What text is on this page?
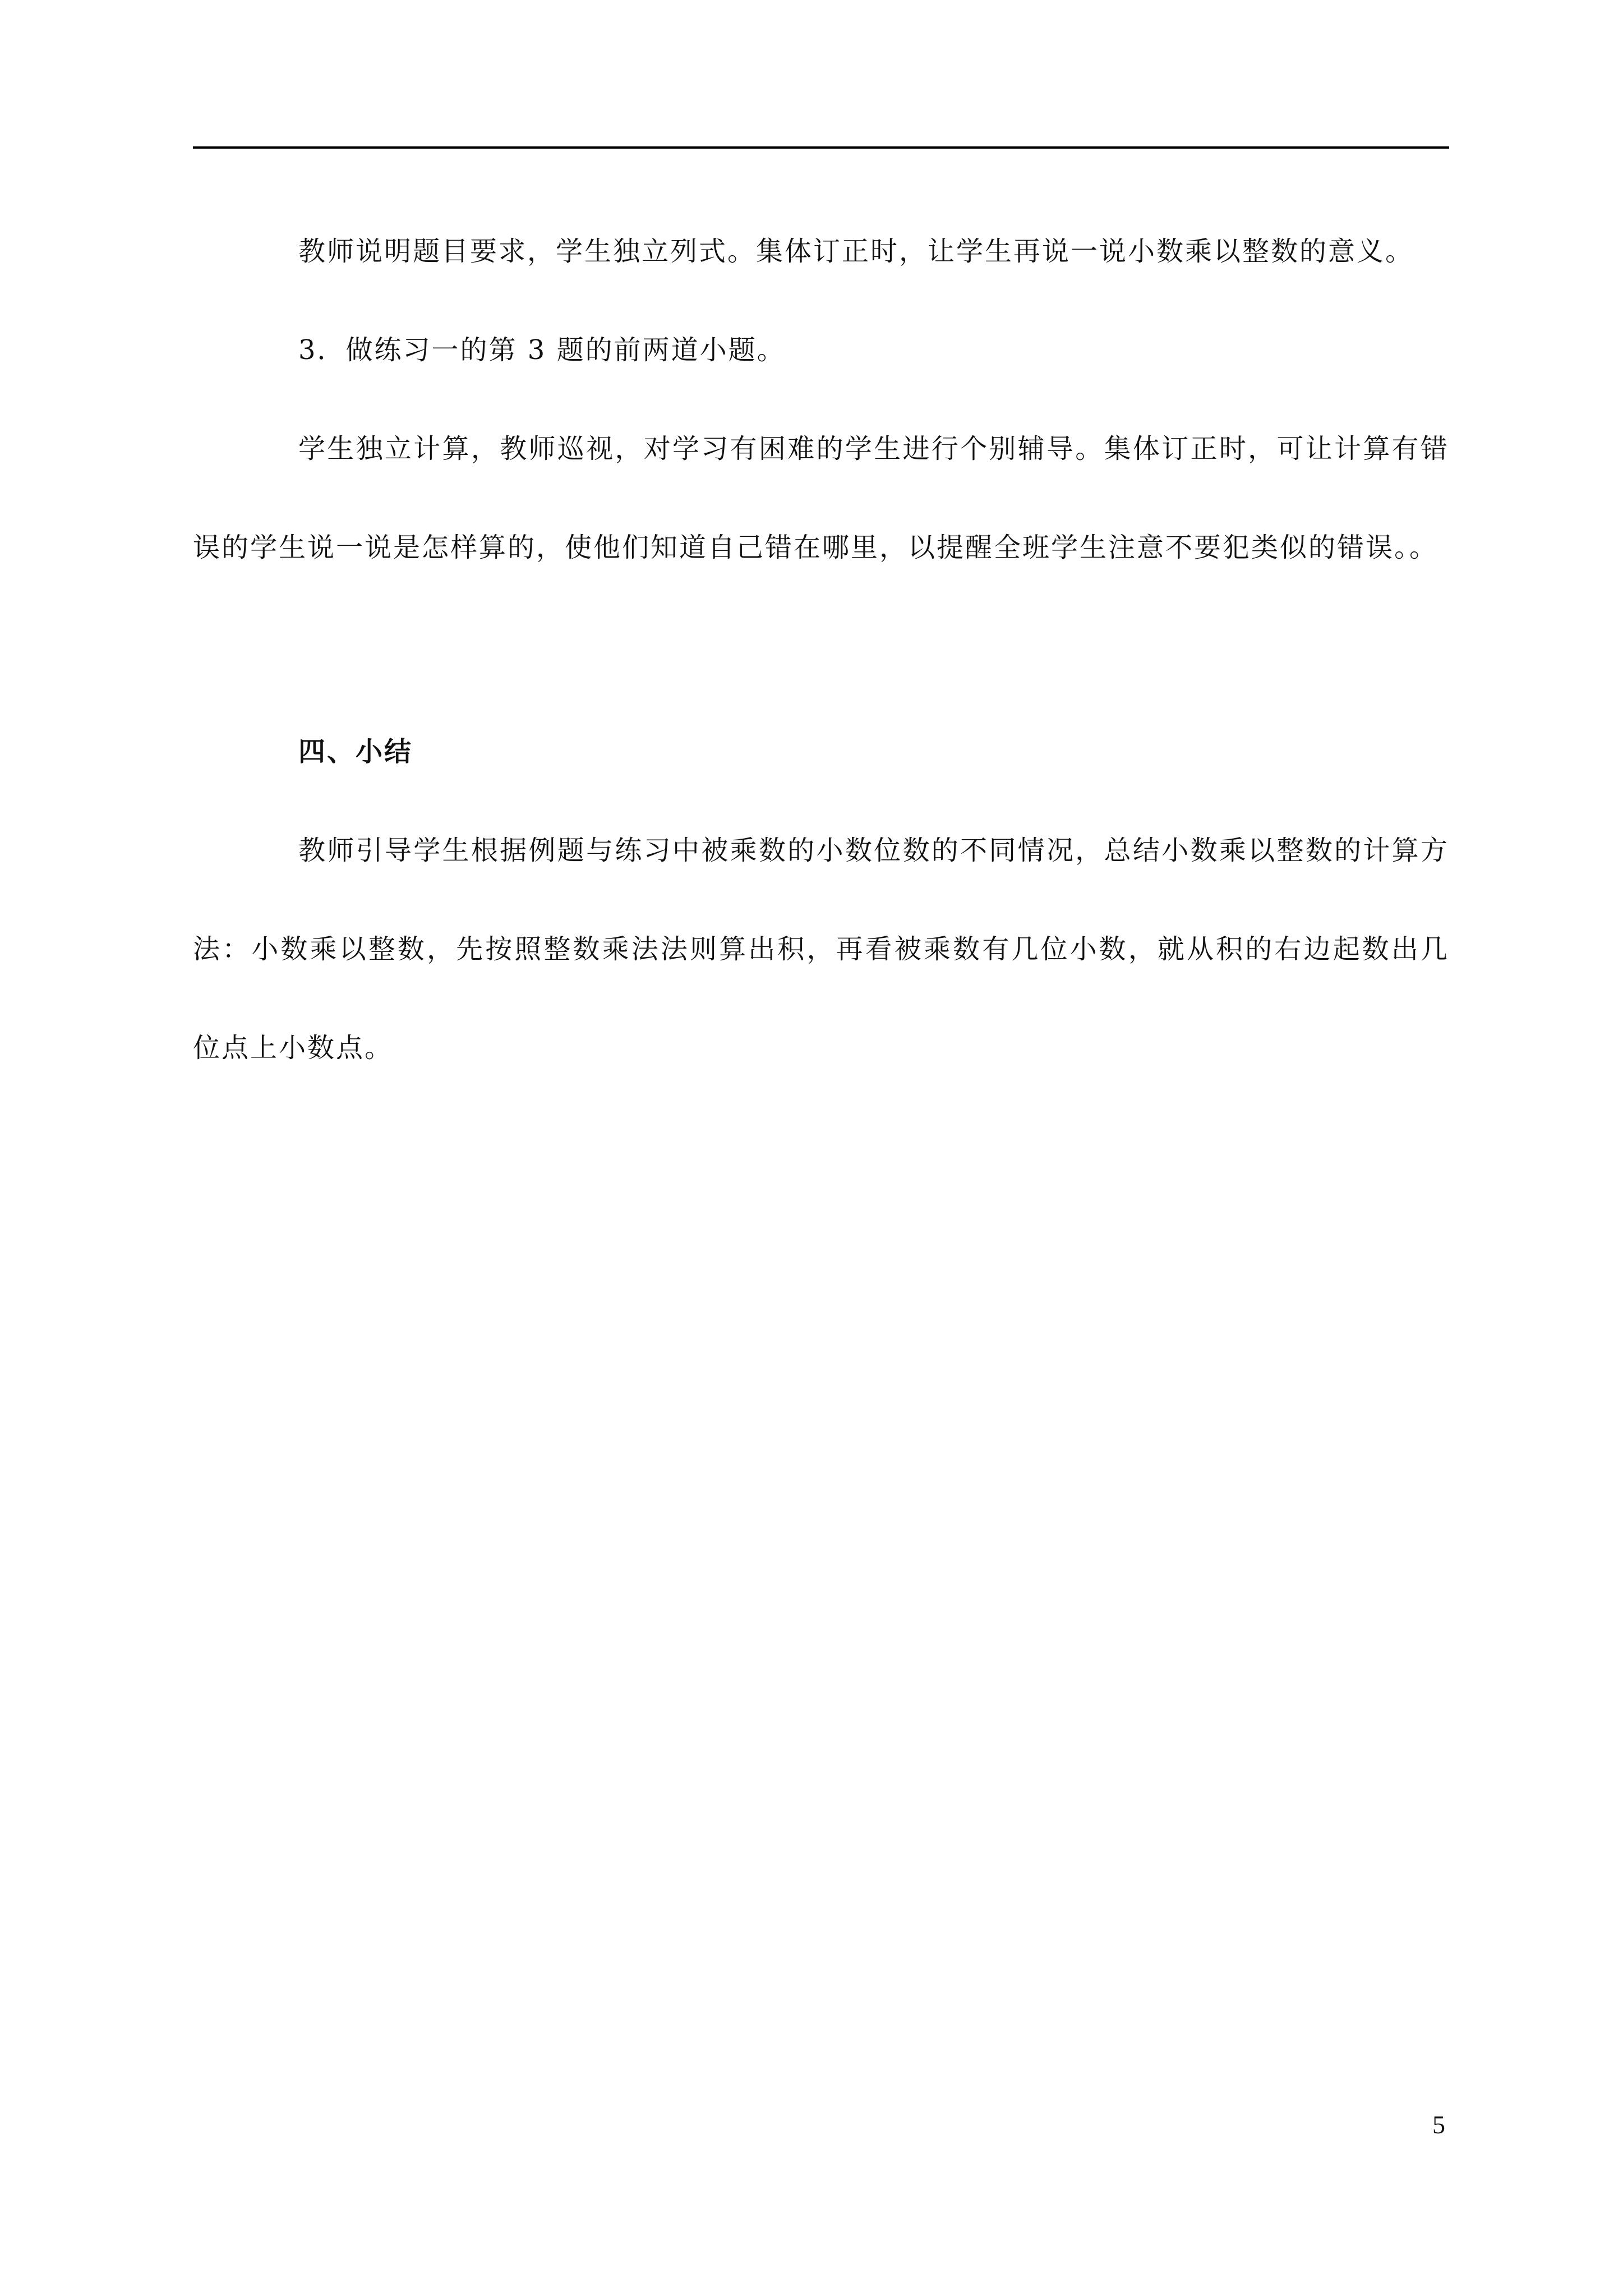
教师说明题目要求，学生独立列式。集体订正时，让学生再说一说小数乘以整数的意义。

3．做练习一的第 3 题的前两道小题。

学生独立计算，教师巡视，对学习有困难的学生进行个别辅导。集体订正时，可让计算有错误的学生说一说是怎样算的，使他们知道自己错在哪里，以提醒全班学生注意不要犯类似的错误。。

四、小结

教师引导学生根据例题与练习中被乘数的小数位数的不同情况，总结小数乘以整数的计算方法：小数乘以整数，先按照整数乘法法则算出积，再看被乘数有几位小数，就从积的右边起数出几位点上小数点。

5
